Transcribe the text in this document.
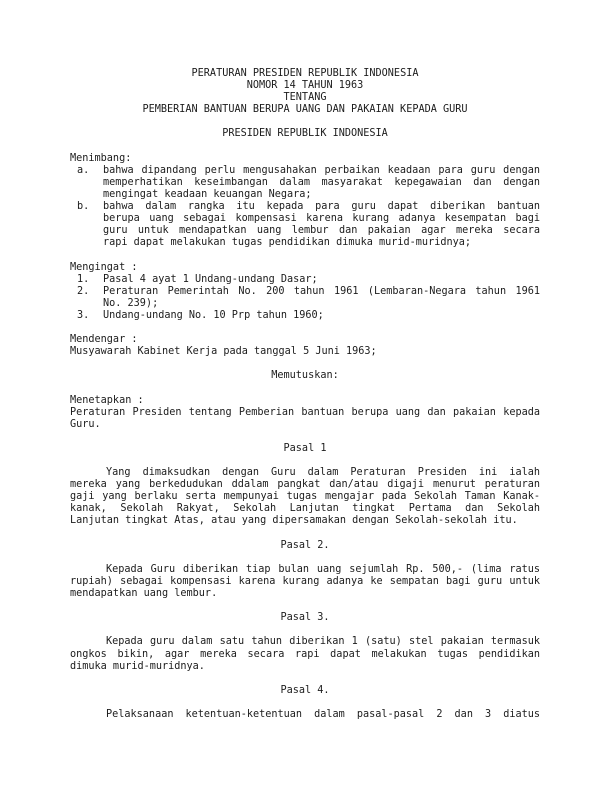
PERATURAN PRESIDEN REPUBLIK INDONESIA
NOMOR 14 TAHUN 1963
TENTANG
PEMBERIAN BANTUAN BERUPA UANG DAN PAKAIAN KEPADA GURU
PRESIDEN REPUBLIK INDONESIA
Menimbang:
a. bahwa dipandang perlu mengusahakan perbaikan keadaan para guru dengan
memperhatikan keseimbangan dalam masyarakat kepegawaian dan dengan
mengingat keadaan keuangan Negara;
b. bahwa dalam rangka itu kepada para guru dapat diberikan bantuan
berupa uang sebagai kompensasi karena kurang adanya kesempatan bagi
guru untuk mendapatkan uang lembur dan pakaian agar mereka secara
rapi dapat melakukan tugas pendidikan dimuka murid-muridnya;
Mengingat :
1. Pasal 4 ayat 1 Undang-undang Dasar;
2. Peraturan Pemerintah No. 200 tahun 1961 (Lembaran-Negara tahun 1961
No. 239);
3. Undang-undang No. 10 Prp tahun 1960;
Mendengar :
Musyawarah Kabinet Kerja pada tanggal 5 Juni 1963;
Memutuskan:
Menetapkan :
Peraturan Presiden tentang Pemberian bantuan berupa uang dan pakaian kepada
Guru.
Pasal 1
Yang dimaksudkan dengan Guru dalam Peraturan Presiden ini ialah
mereka yang berkedudukan ddalam pangkat dan/atau digaji menurut peraturan
gaji yang berlaku serta mempunyai tugas mengajar pada Sekolah Taman Kanak-
kanak, Sekolah Rakyat, Sekolah Lanjutan tingkat Pertama dan Sekolah
Lanjutan tingkat Atas, atau yang dipersamakan dengan Sekolah-sekolah itu.
Pasal 2.
Kepada Guru diberikan tiap bulan uang sejumlah Rp. 500,- (lima ratus
rupiah) sebagai kompensasi karena kurang adanya ke sempatan bagi guru untuk
mendapatkan uang lembur.
Pasal 3.
Kepada guru dalam satu tahun diberikan 1 (satu) stel pakaian termasuk
ongkos bikin, agar mereka secara rapi dapat melakukan tugas pendidikan
dimuka murid-muridnya.
Pasal 4.
Pelaksanaan ketentuan-ketentuan dalam pasal-pasal 2 dan 3 diatus
